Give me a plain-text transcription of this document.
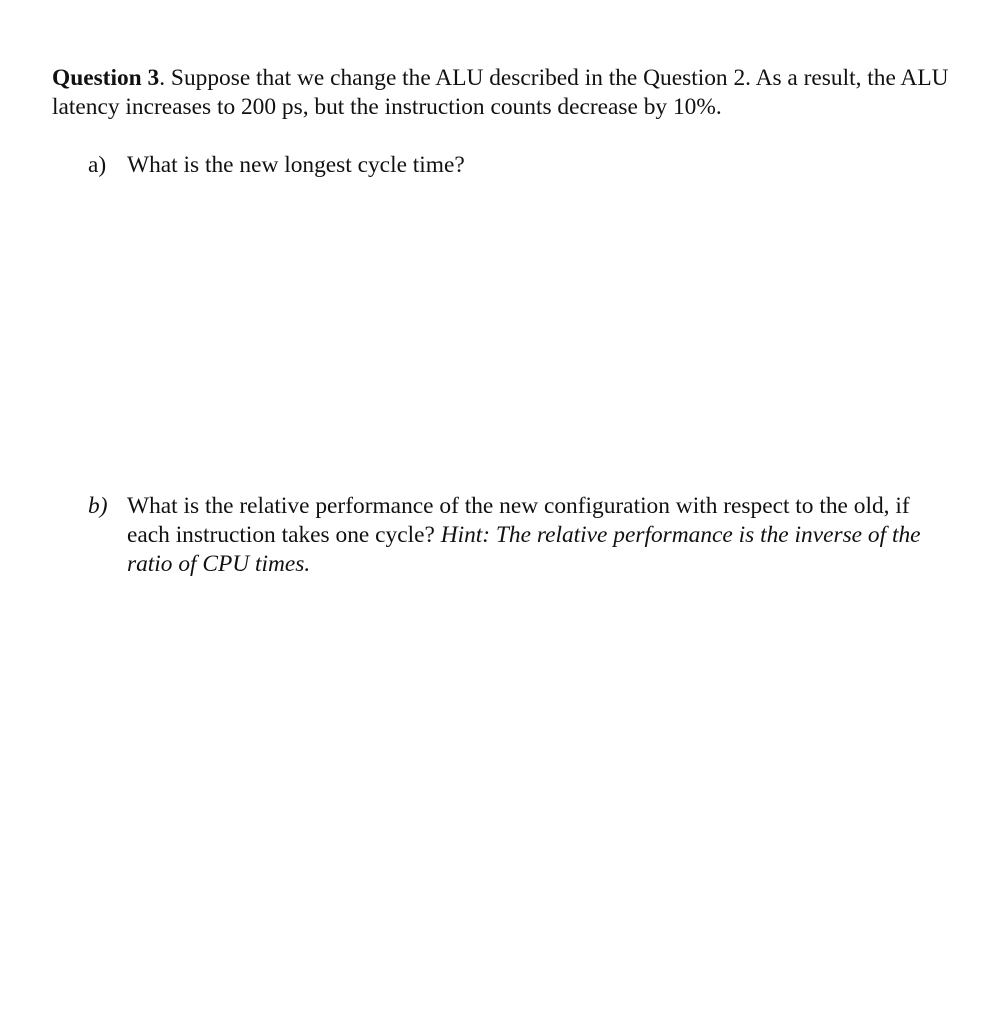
Question 3. Suppose that we change the ALU described in the Question 2. As a result, the ALU latency increases to 200 ps, but the instruction counts decrease by 10%.

a) What is the new longest cycle time?

b) What is the relative performance of the new configuration with respect to the old, if each instruction takes one cycle? Hint: The relative performance is the inverse of the ratio of CPU times.
